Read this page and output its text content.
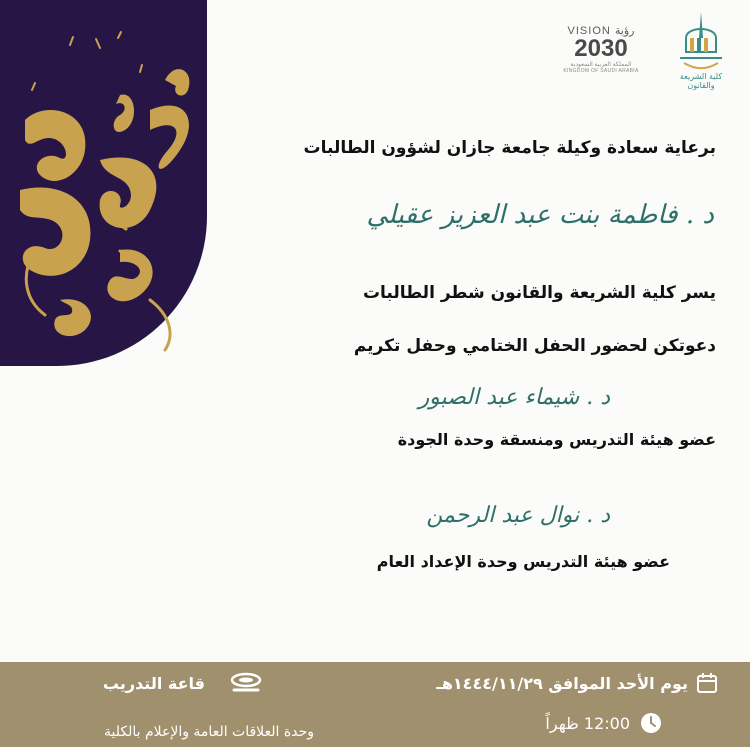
VISION رؤية
2030
المملكة العربية السعودية
KINGDOM OF SAUDI ARABIA
كلية الشريعة والقانون
برعاية سعادة وكيلة جامعة جازان لشؤون الطالبات
د . فاطمة بنت عبد العزيز عقيلي
يسر كلية الشريعة والقانون شطر الطالبات
دعوتكن لحضور الحفل الختامي وحفل تكريم
د . شيماء عبد الصبور
عضو هيئة التدريس ومنسقة وحدة الجودة
د . نوال عبد الرحمن
عضو هيئة التدريس وحدة الإعداد العام
يوم الأحد الموافق ١٤٤٤/١١/٢٩هـ
قاعة التدريب
12:00 ظهراً
وحدة العلاقات العامة والإعلام بالكلية
